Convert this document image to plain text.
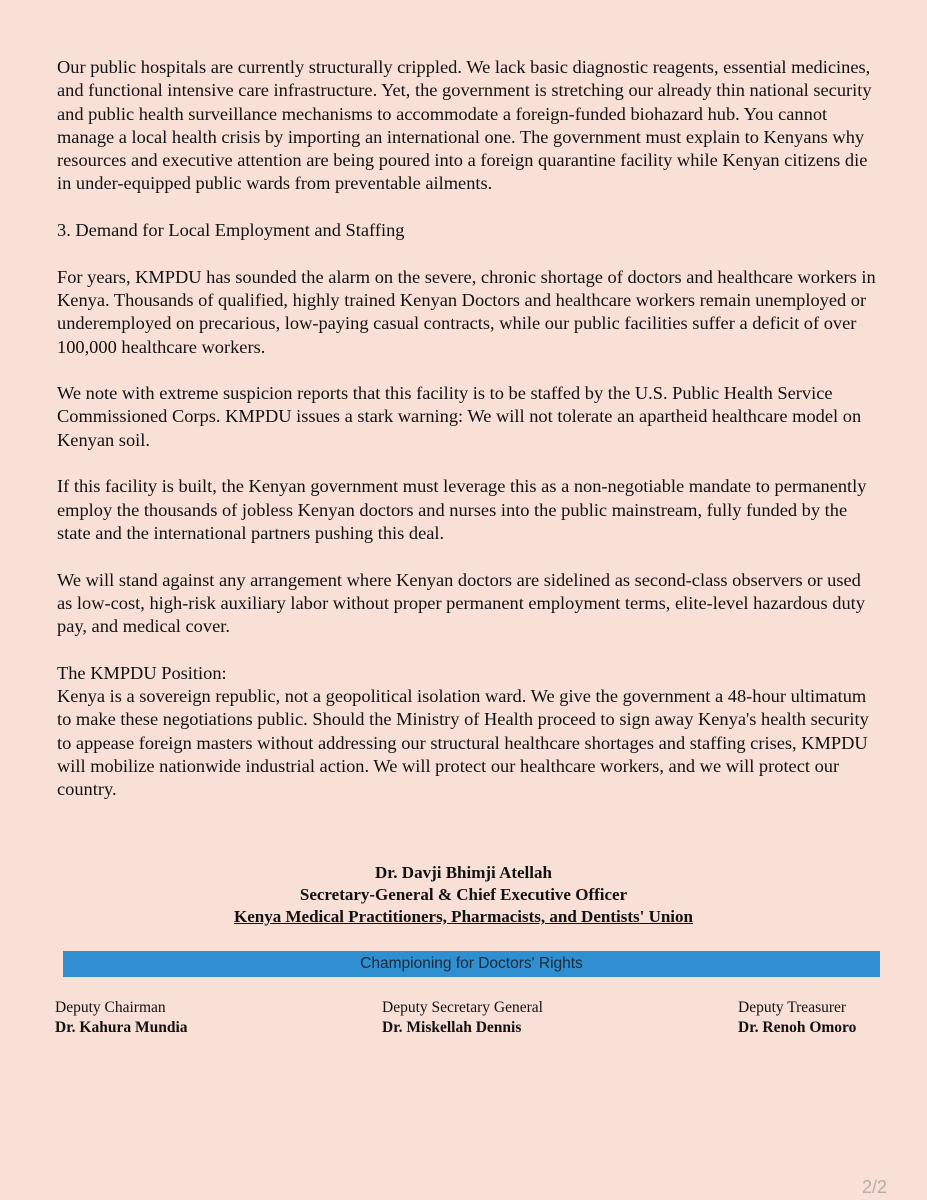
Our public hospitals are currently structurally crippled. We lack basic diagnostic reagents, essential medicines, and functional intensive care infrastructure. Yet, the government is stretching our already thin national security and public health surveillance mechanisms to accommodate a foreign-funded biohazard hub. You cannot manage a local health crisis by importing an international one. The government must explain to Kenyans why resources and executive attention are being poured into a foreign quarantine facility while Kenyan citizens die in under-equipped public wards from preventable ailments.

3. Demand for Local Employment and Staffing

For years, KMPDU has sounded the alarm on the severe, chronic shortage of doctors and healthcare workers in Kenya. Thousands of qualified, highly trained Kenyan Doctors and healthcare workers remain unemployed or underemployed on precarious, low-paying casual contracts, while our public facilities suffer a deficit of over 100,000 healthcare workers.

We note with extreme suspicion reports that this facility is to be staffed by the U.S. Public Health Service Commissioned Corps. KMPDU issues a stark warning: We will not tolerate an apartheid healthcare model on Kenyan soil.

If this facility is built, the Kenyan government must leverage this as a non-negotiable mandate to permanently employ the thousands of jobless Kenyan doctors and nurses into the public mainstream, fully funded by the state and the international partners pushing this deal.

We will stand against any arrangement where Kenyan doctors are sidelined as second-class observers or used as low-cost, high-risk auxiliary labor without proper permanent employment terms, elite-level hazardous duty pay, and medical cover.

The KMPDU Position:
Kenya is a sovereign republic, not a geopolitical isolation ward. We give the government a 48-hour ultimatum to make these negotiations public. Should the Ministry of Health proceed to sign away Kenya's health security to appease foreign masters without addressing our structural healthcare shortages and staffing crises, KMPDU will mobilize nationwide industrial action. We will protect our healthcare workers, and we will protect our country.

Dr. Davji Bhimji Atellah
Secretary-General & Chief Executive Officer
Kenya Medical Practitioners, Pharmacists, and Dentists' Union
Championing for Doctors' Rights
Deputy Chairman
Dr. Kahura Mundia
Deputy Secretary General
Dr. Miskellah Dennis
Deputy Treasurer
Dr. Renoh Omoro
2/2
